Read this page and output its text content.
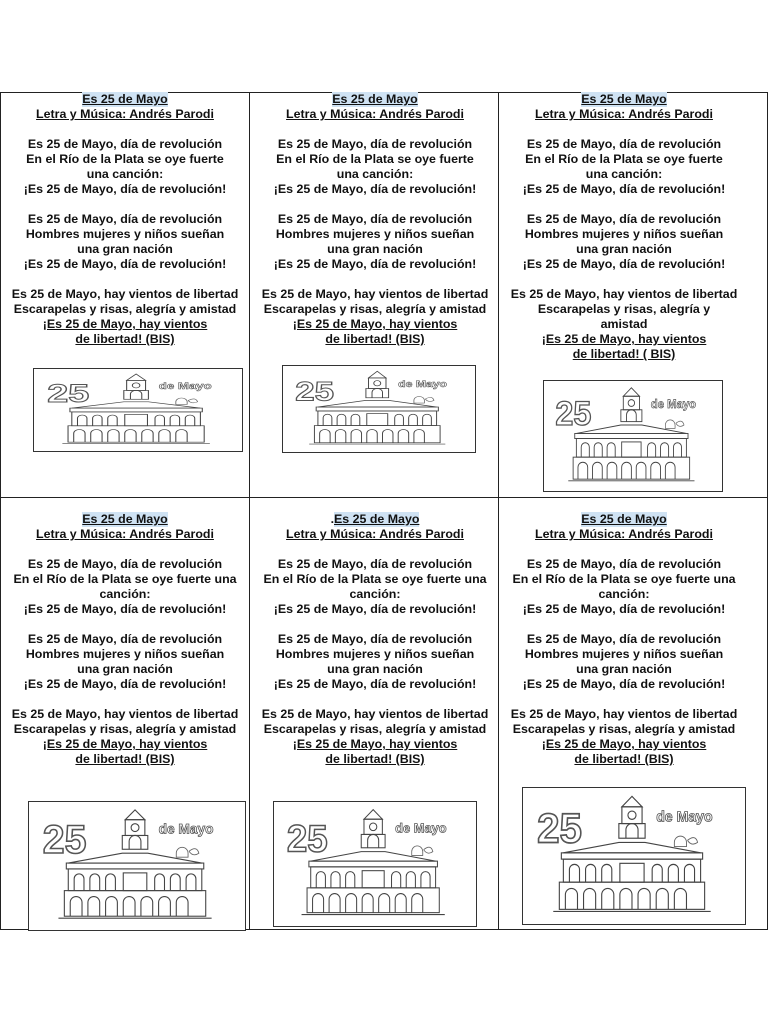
Es 25 de Mayo
Letra y Música: Andrés Parodi
Es 25 de Mayo, día de revolución
En el Río de la Plata se oye fuerte
una canción:
¡Es 25 de Mayo, día de revolución!
Es 25 de Mayo, día de revolución
Hombres mujeres y niños sueñan
una gran nación
¡Es 25 de Mayo, día de revolución!
Es 25 de Mayo, hay vientos de libertad
Escarapelas y risas, alegría y amistad
¡Es 25 de Mayo, hay vientos
de libertad! (BIS)
25	de Mayo
Es 25 de Mayo
Letra y Música: Andrés Parodi
Es 25 de Mayo, día de revolución
En el Río de la Plata se oye fuerte
una canción:
¡Es 25 de Mayo, día de revolución!
Es 25 de Mayo, día de revolución
Hombres mujeres y niños sueñan
una gran nación
¡Es 25 de Mayo, día de revolución!
Es 25 de Mayo, hay vientos de libertad
Escarapelas y risas, alegría y amistad
¡Es 25 de Mayo, hay vientos
de libertad! (BIS)
25	de Mayo
Es 25 de Mayo
Letra y Música: Andrés Parodi
Es 25 de Mayo, día de revolución
En el Río de la Plata se oye fuerte
una canción:
¡Es 25 de Mayo, día de revolución!
Es 25 de Mayo, día de revolución
Hombres mujeres y niños sueñan
una gran nación
¡Es 25 de Mayo, día de revolución!
Es 25 de Mayo, hay vientos de libertad
Escarapelas y risas, alegría y
amistad
¡Es 25 de Mayo, hay vientos
de libertad! ( BIS)
25	de Mayo
Es 25 de Mayo
Letra y Música: Andrés Parodi
Es 25 de Mayo, día de revolución
En el Río de la Plata se oye fuerte una
canción:
¡Es 25 de Mayo, día de revolución!
Es 25 de Mayo, día de revolución
Hombres mujeres y niños sueñan
una gran nación
¡Es 25 de Mayo, día de revolución!
Es 25 de Mayo, hay vientos de libertad
Escarapelas y risas, alegría y amistad
¡Es 25 de Mayo, hay vientos
de libertad! (BIS)
25	de Mayo
.Es 25 de Mayo
Letra y Música: Andrés Parodi
Es 25 de Mayo, día de revolución
En el Río de la Plata se oye fuerte una
canción:
¡Es 25 de Mayo, día de revolución!
Es 25 de Mayo, día de revolución
Hombres mujeres y niños sueñan
una gran nación
¡Es 25 de Mayo, día de revolución!
Es 25 de Mayo, hay vientos de libertad
Escarapelas y risas, alegría y amistad
¡Es 25 de Mayo, hay vientos
de libertad! (BIS)
25	de Mayo
Es 25 de Mayo
Letra y Música: Andrés Parodi
Es 25 de Mayo, día de revolución
En el Río de la Plata se oye fuerte una
canción:
¡Es 25 de Mayo, día de revolución!
Es 25 de Mayo, día de revolución
Hombres mujeres y niños sueñan
una gran nación
¡Es 25 de Mayo, día de revolución!
Es 25 de Mayo, hay vientos de libertad
Escarapelas y risas, alegría y amistad
¡Es 25 de Mayo, hay vientos
de libertad! (BIS)
25	de Mayo
